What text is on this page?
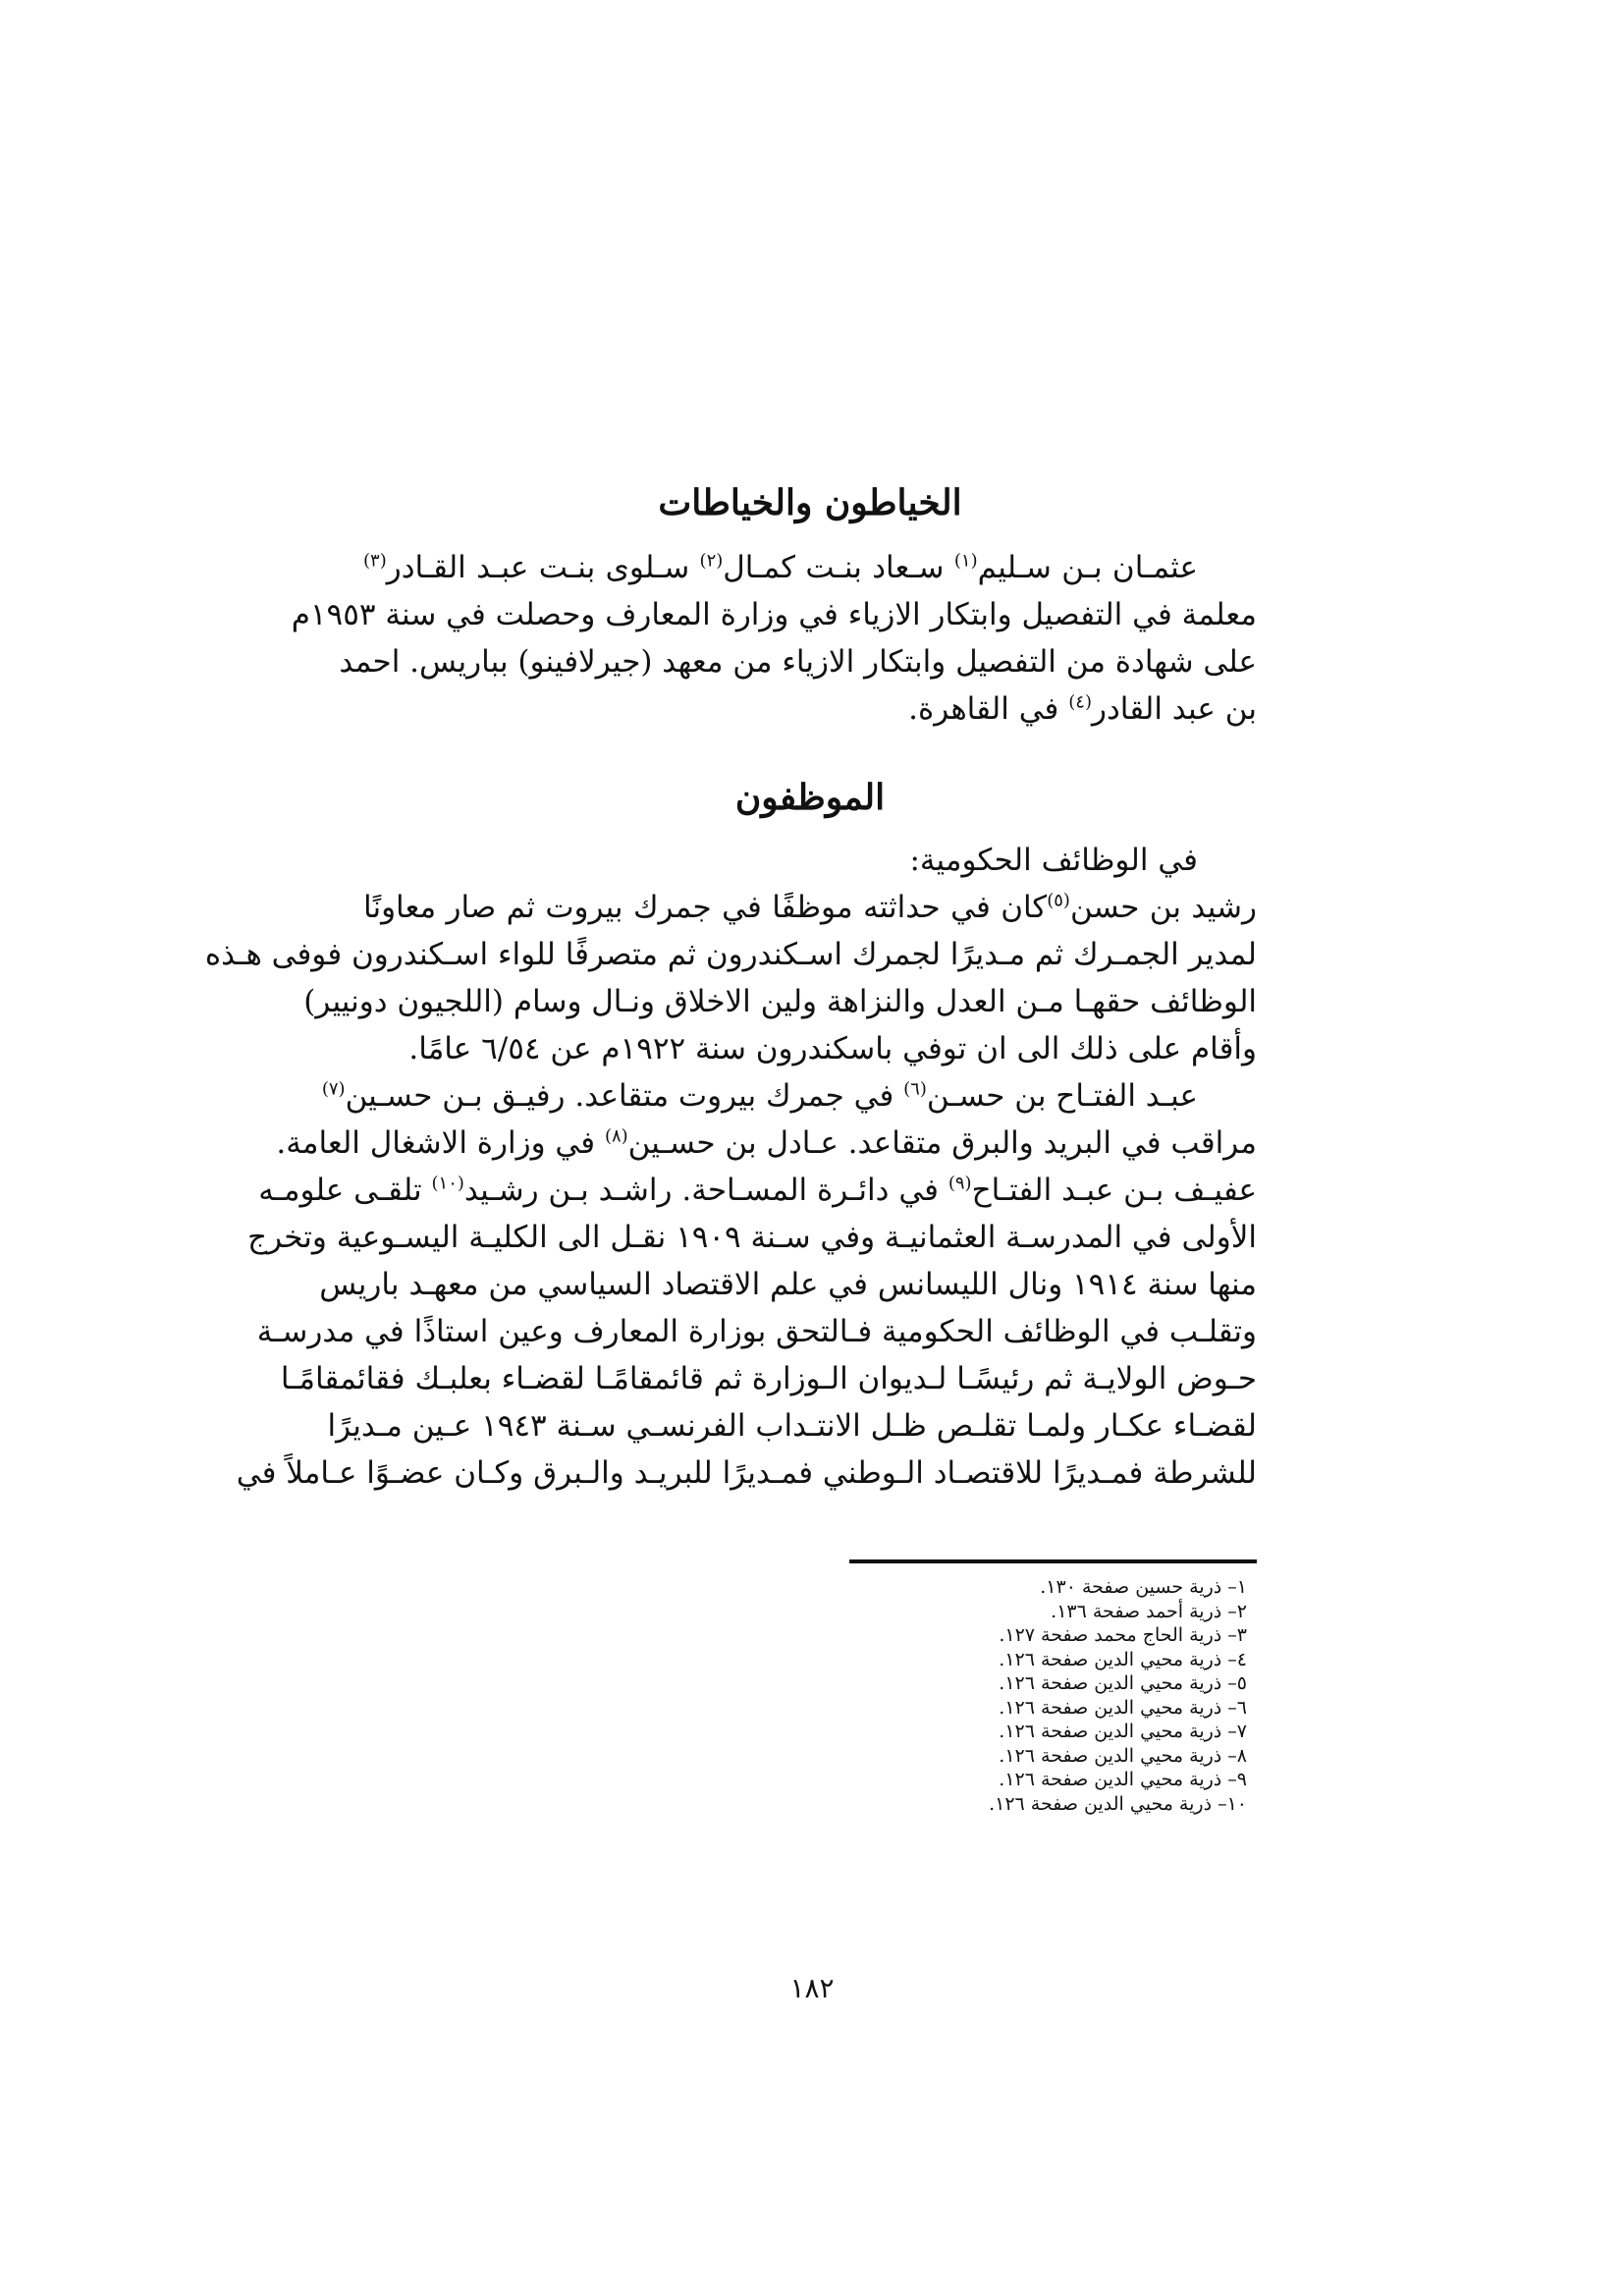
الخياطون والخياطات

عثمـان بـن سـليم$^{(١)}$ سـعاد بنـت كمـال$^{(٢)}$ سـلوى بنـت عبـد القـادر$^{(٣)}$

معلمة في التفصيل وابتكار الازياء في وزارة المعارف وحصلت في سنة ١٩٥٣م

على شهادة من التفصيل وابتكار الازياء من معهد (جيرلافينو) بباريس. احمد

بن عبد القادر$^{(٤)}$ في القاهرة.

الموظفون

في الوظائف الحكومية:

رشيد بن حسن$^{(٥)}$كان في حداثته موظفًا في جمرك بيروت ثم صار معاونًا

لمدير الجمـرك ثم مـديرًا لجمرك اسـكندرون ثم متصرفًا للواء اسـكندرون فوفى هـذه

الوظائف حقهـا مـن العدل والنزاهة ولين الاخلاق ونـال وسام (اللجيون دونيير)

وأقام على ذلك الى ان توفي باسكندرون سنة ١٩٢٢م عن ٦/٥٤ عامًا.

عبـد الفتـاح بن حسـن$^{(٦)}$ في جمرك بيروت متقاعد. رفيـق بـن حسـين$^{(٧)}$

مراقب في البريد والبرق متقاعد. عـادل بن حسـين$^{(٨)}$ في وزارة الاشغال العامة.

عفيـف بـن عبـد الفتـاح$^{(٩)}$ في دائـرة المسـاحة. راشـد بـن رشـيد$^{(١٠)}$ تلقـى علومـه

الأولى في المدرسـة العثمانيـة وفي سـنة ١٩٠٩ نقـل الى الكليـة اليسـوعية وتخرج

منها سنة ١٩١٤ ونال الليسانس في علم الاقتصاد السياسي من معهـد باريس

وتقلـب في الوظائف الحكومية فـالتحق بوزارة المعارف وعين استاذًا في مدرسـة

حـوض الولايـة ثم رئيسًـا لـديوان الـوزارة ثم قائمقامًـا لقضـاء بعلبـك فقائمقامًـا

لقضـاء عكـار ولمـا تقلـص ظـل الانتـداب الفرنسـي سـنة ١٩٤٣ عـين مـديرًا

للشرطة فمـديرًا للاقتصـاد الـوطني فمـديرًا للبريـد والـبرق وكـان عضـوًا عـاملاً في

١– ذرية حسين صفحة ١٣٠.

٢– ذرية أحمد صفحة ١٣٦.

٣– ذرية الحاج محمد صفحة ١٢٧.

٤– ذرية محيي الدين صفحة ١٢٦.

٥– ذرية محيي الدين صفحة ١٢٦.

٦– ذرية محيي الدين صفحة ١٢٦.

٧– ذرية محيي الدين صفحة ١٢٦.

٨– ذرية محيي الدين صفحة ١٢٦.

٩– ذرية محيي الدين صفحة ١٢٦.

١٠– ذرية محيي الدين صفحة ١٢٦.

١٨٢
